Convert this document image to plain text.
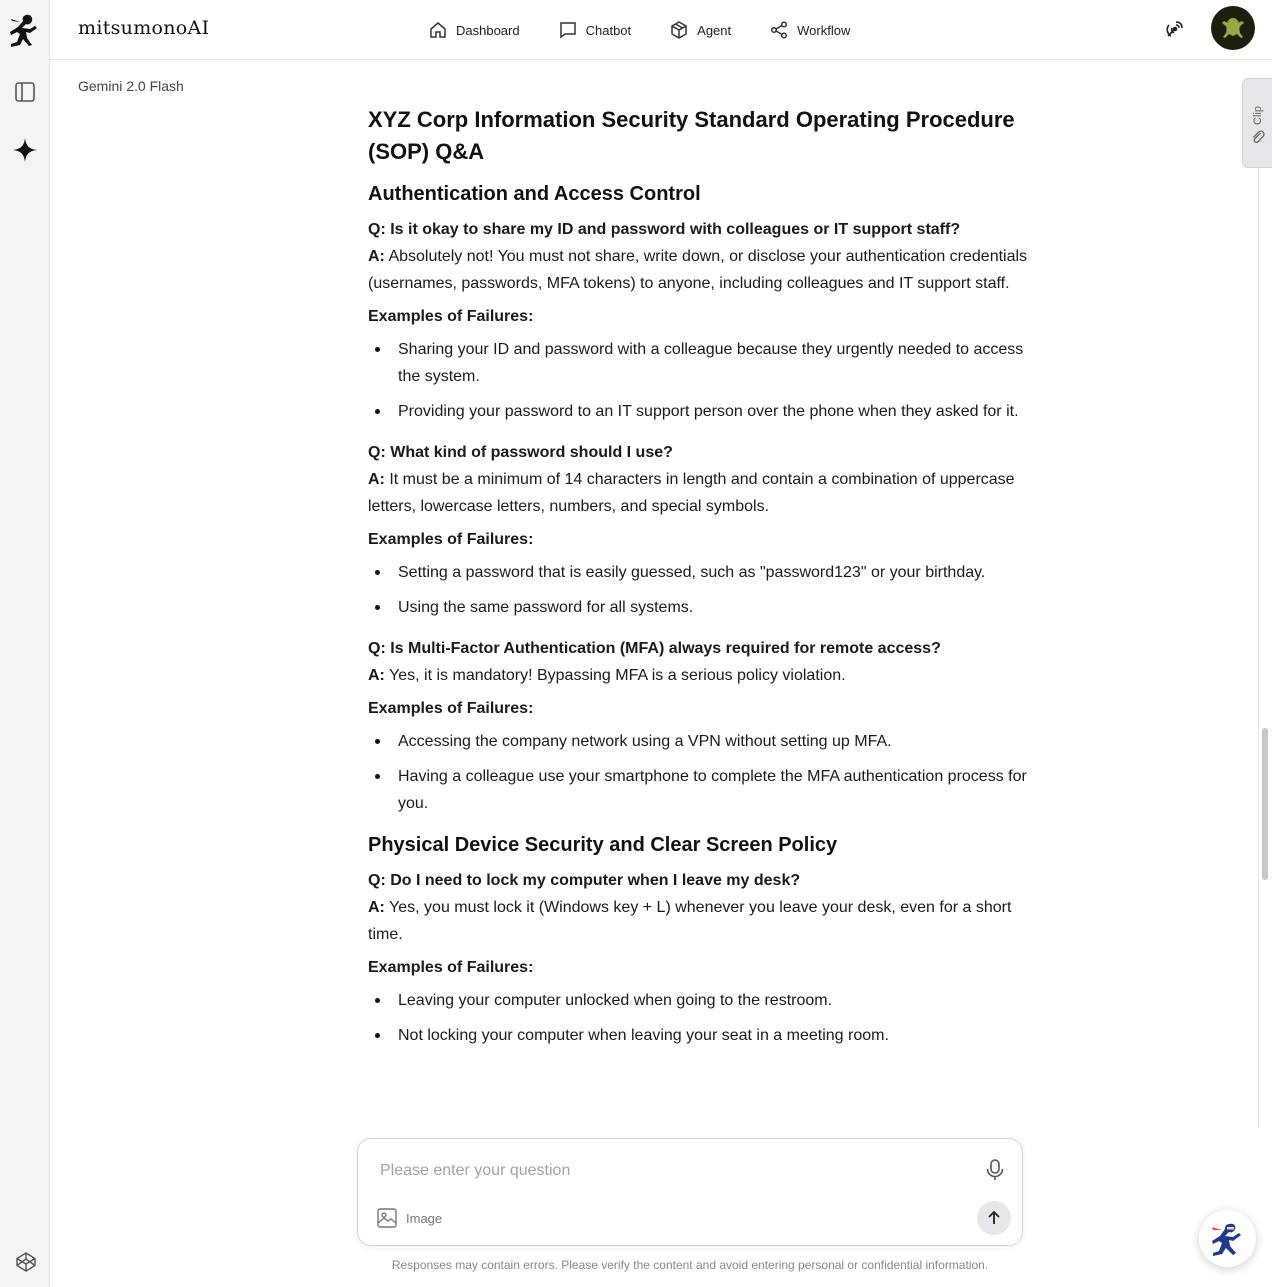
mitsumonoAI	Dashboard	Chatbot	Agent	Workflow
Gemini 2.0 Flash
XYZ Corp Information Security Standard Operating Procedure (SOP) Q&A
Authentication and Access Control
Q: Is it okay to share my ID and password with colleagues or IT support staff?
A: Absolutely not! You must not share, write down, or disclose your authentication credentials (usernames, passwords, MFA tokens) to anyone, including colleagues and IT support staff.
Examples of Failures:
Sharing your ID and password with a colleague because they urgently needed to access the system.
Providing your password to an IT support person over the phone when they asked for it.
Q: What kind of password should I use?
A: It must be a minimum of 14 characters in length and contain a combination of uppercase letters, lowercase letters, numbers, and special symbols.
Examples of Failures:
Setting a password that is easily guessed, such as "password123" or your birthday.
Using the same password for all systems.
Q: Is Multi-Factor Authentication (MFA) always required for remote access?
A: Yes, it is mandatory! Bypassing MFA is a serious policy violation.
Examples of Failures:
Accessing the company network using a VPN without setting up MFA.
Having a colleague use your smartphone to complete the MFA authentication process for you.
Physical Device Security and Clear Screen Policy
Q: Do I need to lock my computer when I leave my desk?
A: Yes, you must lock it (Windows key + L) whenever you leave your desk, even for a short time.
Examples of Failures:
Leaving your computer unlocked when going to the restroom.
Not locking your computer when leaving your seat in a meeting room.
Clip
Please enter your question
Image
Responses may contain errors. Please verify the content and avoid entering personal or confidential information.
